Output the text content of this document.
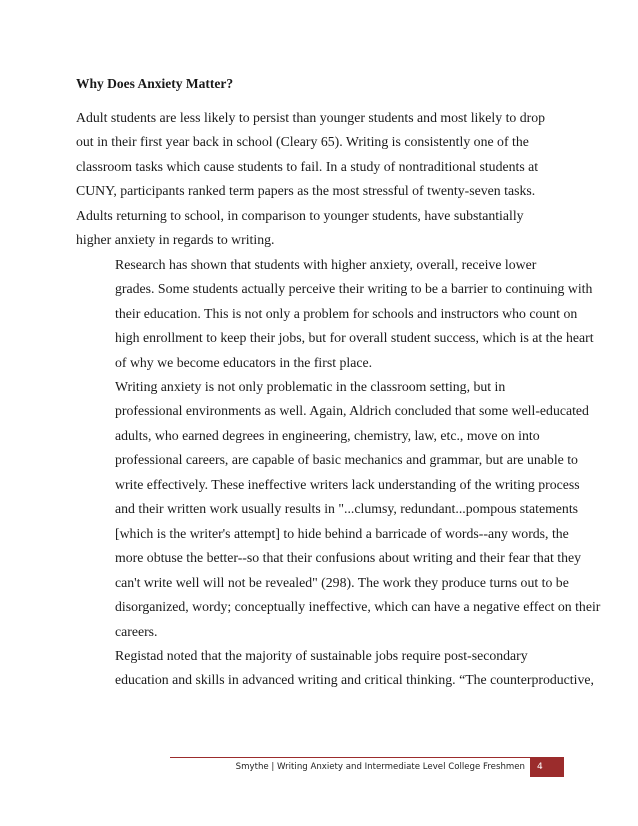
Why Does Anxiety Matter?

Adult students are less likely to persist than younger students and most likely to drop
out in their first year back in school (Cleary 65). Writing is consistently one of the
classroom tasks which cause students to fail. In a study of nontraditional students at
CUNY, participants ranked term papers as the most stressful of twenty-seven tasks.
Adults returning to school, in comparison to younger students, have substantially
higher anxiety in regards to writing.

Research has shown that students with higher anxiety, overall, receive lower
grades. Some students actually perceive their writing to be a barrier to continuing with
their education. This is not only a problem for schools and instructors who count on
high enrollment to keep their jobs, but for overall student success, which is at the heart
of why we become educators in the first place.

Writing anxiety is not only problematic in the classroom setting, but in
professional environments as well. Again, Aldrich concluded that some well-educated
adults, who earned degrees in engineering, chemistry, law, etc., move on into
professional careers, are capable of basic mechanics and grammar, but are unable to
write effectively. These ineffective writers lack understanding of the writing process
and their written work usually results in "...clumsy, redundant...pompous statements
[which is the writer's attempt] to hide behind a barricade of words--any words, the
more obtuse the better--so that their confusions about writing and their fear that they
can't write well will not be revealed" (298). The work they produce turns out to be
disorganized, wordy; conceptually ineffective, which can have a negative effect on their
careers.

Registad noted that the majority of sustainable jobs require post-secondary
education and skills in advanced writing and critical thinking. “The counterproductive,

Smythe | Writing Anxiety and Intermediate Level College Freshmen	4
